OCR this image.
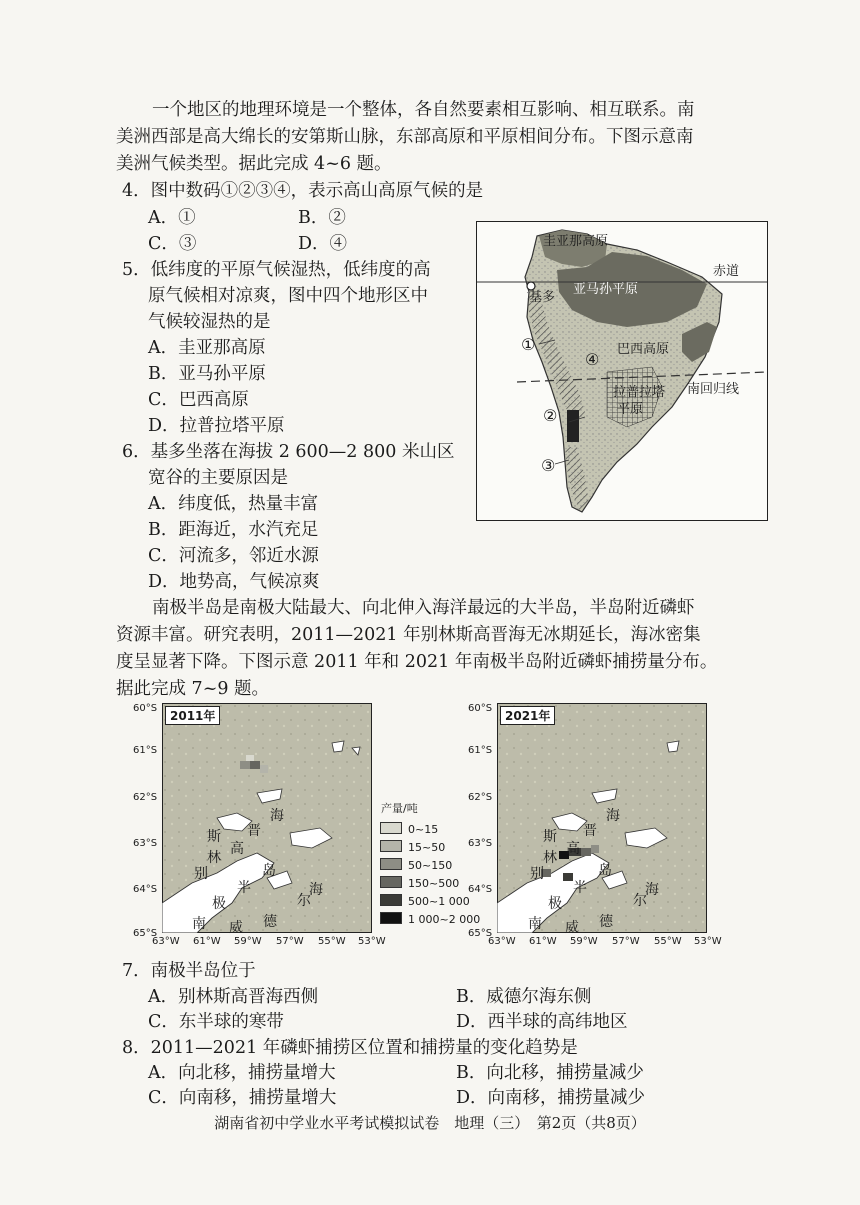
一个地区的地理环境是一个整体，各自然要素相互影响、相互联系。南
美洲西部是高大绵长的安第斯山脉，东部高原和平原相间分布。下图示意南
美洲气候类型。据此完成 4~6 题。
4．图中数码①②③④，表示高山高原气候的是
A．①	B．②
C．③	D．④
5．低纬度的平原气候湿热，低纬度的高
原气候相对凉爽，图中四个地形区中
气候较湿热的是
A．圭亚那高原
B．亚马孙平原
C．巴西高原
D．拉普拉塔平原
6．基多坐落在海拔 2 600—2 800 米山区
宽谷的主要原因是
A．纬度低，热量丰富
B．距海近，水汽充足
C．河流多，邻近水源
D．地势高，气候凉爽
圭亚那高原
赤道
基多
亚马孙平原
①
④
巴西高原
南回归线
拉普拉塔
平原
②
③
南极半岛是南极大陆最大、向北伸入海洋最远的大半岛，半岛附近磷虾
资源丰富。研究表明，2011—2021 年别林斯高晋海无冰期延长，海冰密集
度呈显著下降。下图示意 2011 年和 2021 年南极半岛附近磷虾捕捞量分布。
据此完成 7~9 题。
2011年	2021年
60°S
61°S
62°S
63°S
64°S
65°S
60°S
61°S
62°S
63°S
64°S
65°S
63°W 61°W 59°W 57°W 55°W 53°W	63°W 61°W 59°W 57°W 55°W 53°W
别
林
斯
高
晋
海
半
岛
南
极
威 德
尔
海
别
林
斯
高
晋
海
半
岛
南
极
威 德
尔
海
产量/吨
0~15
15~50
50~150
150~500
500~1 000
1 000~2 000
7．南极半岛位于
A．别林斯高晋海西侧	B．威德尔海东侧
C．东半球的寒带	D．西半球的高纬地区
8．2011—2021 年磷虾捕捞区位置和捕捞量的变化趋势是
A．向北移，捕捞量增大	B．向北移，捕捞量减少
C．向南移，捕捞量增大	D．向南移，捕捞量减少
湖南省初中学业水平考试模拟试卷　地理（三）　第2页（共8页）
